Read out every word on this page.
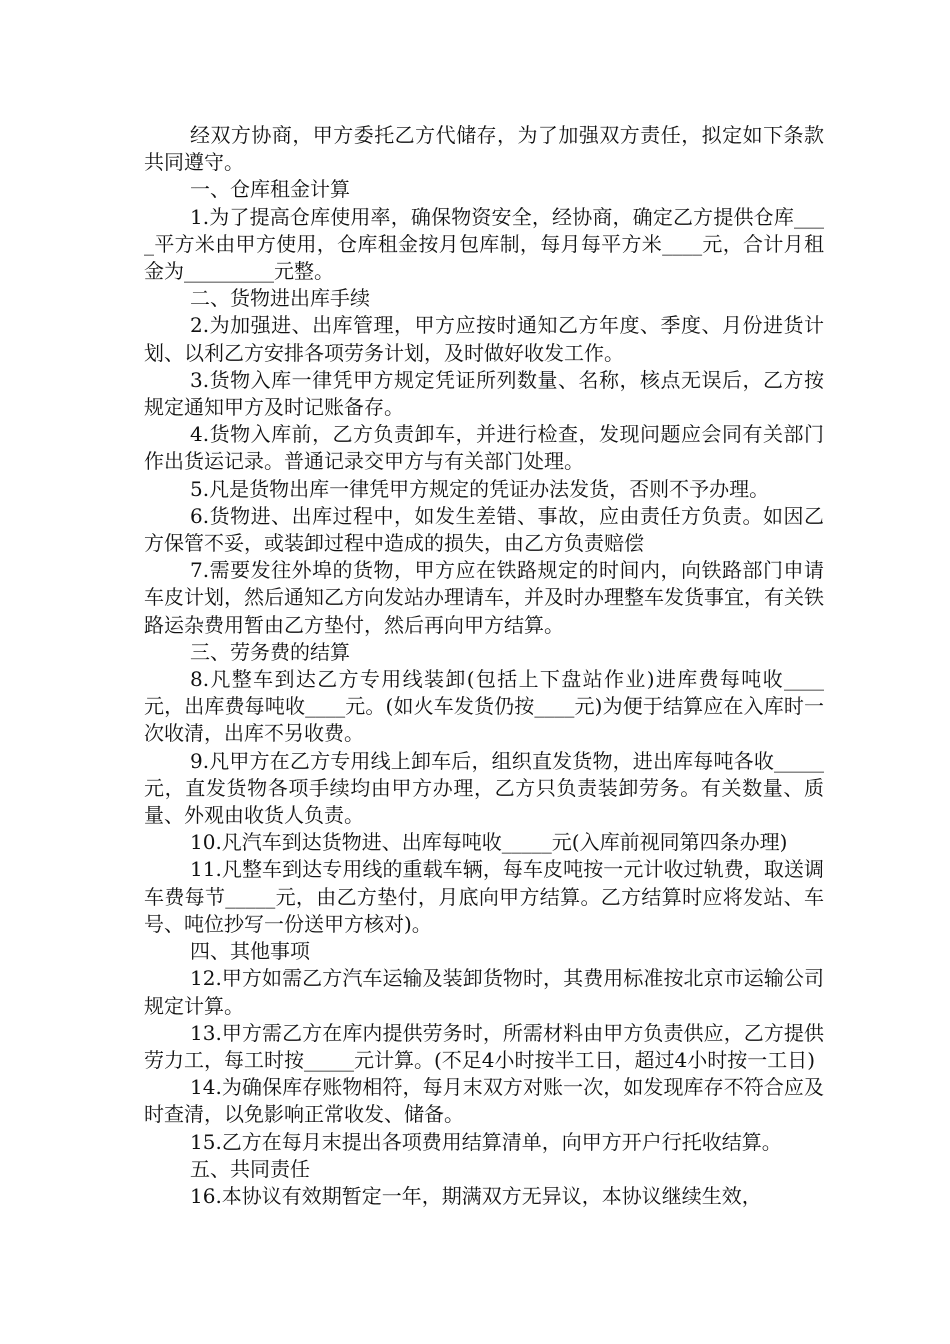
经双方协商，甲方委托乙方代储存，为了加强双方责任，拟定如下条款共同遵守。

一、仓库租金计算

1.为了提高仓库使用率，确保物资安全，经协商，确定乙方提供仓库____平方米由甲方使用，仓库租金按月包库制，每月每平方米____元，合计月租金为_________元整。

二、货物进出库手续

2.为加强进、出库管理，甲方应按时通知乙方年度、季度、月份进货计划、以利乙方安排各项劳务计划，及时做好收发工作。

3.货物入库一律凭甲方规定凭证所列数量、名称，核点无误后，乙方按规定通知甲方及时记账备存。

4.货物入库前，乙方负责卸车，并进行检查，发现问题应会同有关部门作出货运记录。普通记录交甲方与有关部门处理。

5.凡是货物出库一律凭甲方规定的凭证办法发货，否则不予办理。

6.货物进、出库过程中，如发生差错、事故，应由责任方负责。如因乙方保管不妥，或装卸过程中造成的损失，由乙方负责赔偿

7.需要发往外埠的货物，甲方应在铁路规定的时间内，向铁路部门申请车皮计划，然后通知乙方向发站办理请车，并及时办理整车发货事宜，有关铁路运杂费用暂由乙方垫付，然后再向甲方结算。

三、劳务费的结算

8.凡整车到达乙方专用线装卸(包括上下盘站作业)进库费每吨收____元，出库费每吨收____元。(如火车发货仍按____元)为便于结算应在入库时一次收清，出库不另收费。

9.凡甲方在乙方专用线上卸车后，组织直发货物，进出库每吨各收_____元，直发货物各项手续均由甲方办理，乙方只负责装卸劳务。有关数量、质量、外观由收货人负责。

10.凡汽车到达货物进、出库每吨收_____元(入库前视同第四条办理)

11.凡整车到达专用线的重载车辆，每车皮吨按一元计收过轨费，取送调车费每节_____元，由乙方垫付，月底向甲方结算。乙方结算时应将发站、车号、吨位抄写一份送甲方核对)。

四、其他事项

12.甲方如需乙方汽车运输及装卸货物时，其费用标准按北京市运输公司规定计算。

13.甲方需乙方在库内提供劳务时，所需材料由甲方负责供应，乙方提供劳力工，每工时按_____元计算。(不足4小时按半工日，超过4小时按一工日)

14.为确保库存账物相符，每月末双方对账一次，如发现库存不符合应及时查清，以免影响正常收发、储备。

15.乙方在每月末提出各项费用结算清单，向甲方开户行托收结算。

五、共同责任

16.本协议有效期暂定一年，期满双方无异议，本协议继续生效，
